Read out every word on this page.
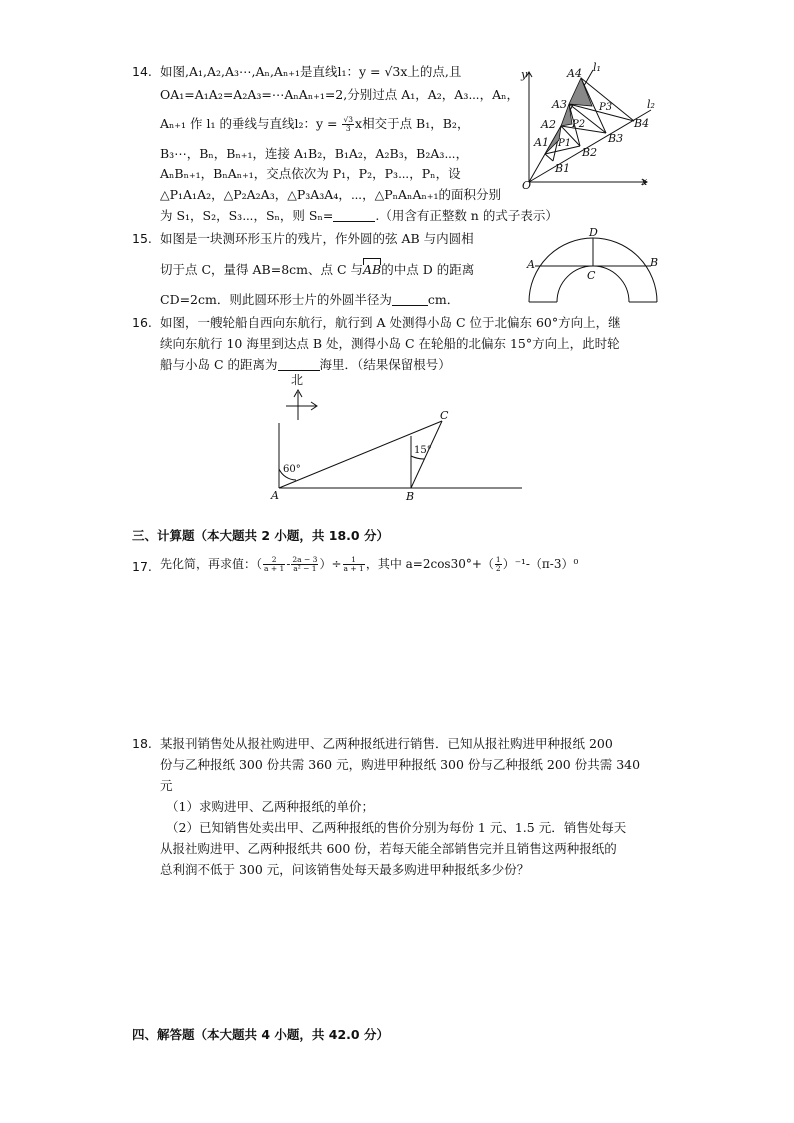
14. 如图,A₁,A₂,A₃⋯,Aₙ,Aₙ₊₁是直线l₁：y = √3x上的点,且
OA₁=A₁A₂=A₂A₃=⋯AₙAₙ₊₁=2,分别过点 A₁，A₂，A₃⋯，Aₙ，
Aₙ₊₁ 作 l₁ 的垂线与直线l₂：$y = \frac{√3}{3}$ x相交于点 B₁，B₂，
B₃⋯，Bₙ，Bₙ₊₁，连接 A₁B₂，B₁A₂，A₂B₃，B₂A₃⋯，
AₙBₙ₊₁，BₙAₙ₊₁，交点依次为 P₁，P₂，P₃⋯，Pₙ，设
△P₁A₁A₂，△P₂A₂A₃，△P₃A₃A₄，⋯，△PₙAₙAₙ₊₁的面积分别
为 S₁，S₂，S₃⋯，Sₙ，则 Sₙ=	.（用含有正整数 n 的式子表示）
y
x
O
l₁
l₂
A1
A2
A3
A4
B1
B2
B3
B4
P1
P2
P3
15. 如图是一块测环形玉片的残片，作外圆的弦 AB 与内圆相
切于点 C，量得 AB=8cm、点 C 与
AB的中点 D 的距离
CD=2cm．则此圆环形士片的外圆半径为	cm．
A	B
C
D
16. 如图，一艘轮船自西向东航行，航行到 A 处测得小岛 C 位于北偏东 60°方向上，继
续向东航行 10 海里到达点 B 处，测得小岛 C 在轮船的北偏东 15°方向上，此时轮
船与小岛 C 的距离为	海里．（结果保留根号）
北
A	B
C
60°
15°
三、计算题（本大题共 2 小题，共 18.0 分）
17. 先化简，再求值：（ $\frac{2}{a + 1} - \frac{2a - 3}{\text{a² − 1}}$ ）÷ $\frac{1}{a + 1}$ ，其中 $a=2\cos 30^\circ+( \frac{1}{2} )^{-1}-(\pi-3)^0$
18. 某报刊销售处从报社购进甲、乙两种报纸进行销售．已知从报社购进甲种报纸 200
份与乙种报纸 300 份共需 360 元，购进甲种报纸 300 份与乙种报纸 200 份共需 340
元
（1）求购进甲、乙两种报纸的单价；
（2）已知销售处卖出甲、乙两种报纸的售价分别为每份 1 元、1.5 元．销售处每天
从报社购进甲、乙两种报纸共 600 份，若每天能全部销售完并且销售这两种报纸的
总利润不低于 300 元，问该销售处每天最多购进甲种报纸多少份？
四、解答题（本大题共 4 小题，共 42.0 分）
